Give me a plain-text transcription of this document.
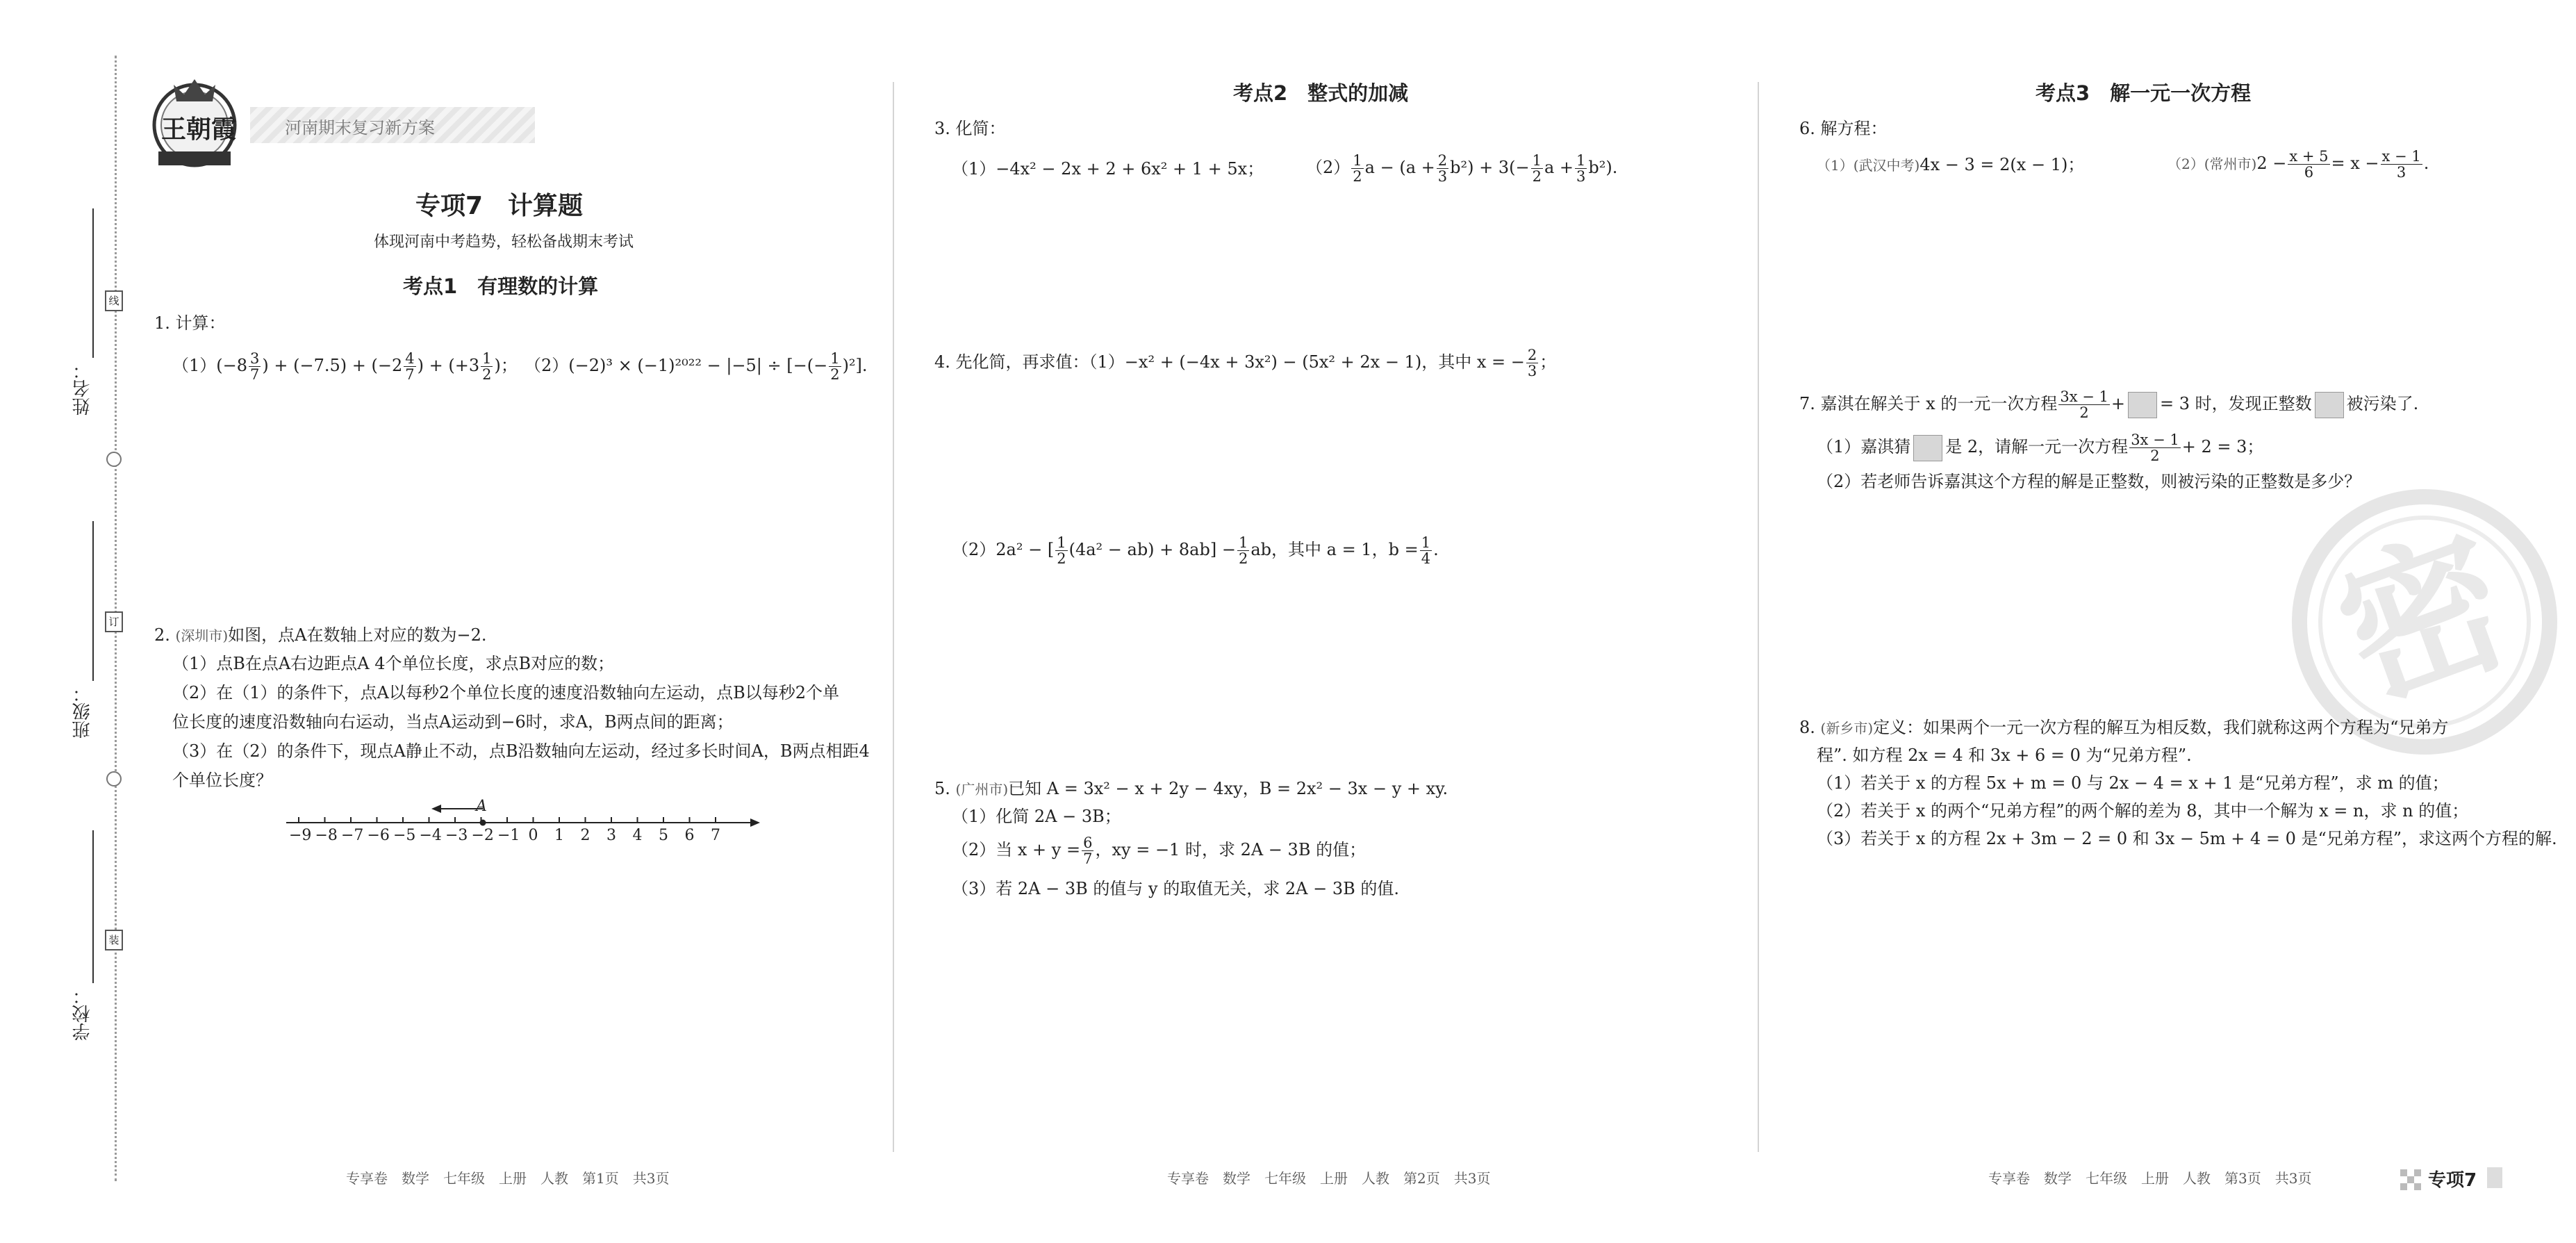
姓名：
班级：
学校：
线
订
装
王朝霞	河南期末复习新方案
专项7　计算题
体现河南中考趋势，轻松备战期末考试
考点1　有理数的计算
1. 计算：
$(1)(-8 \frac{3}{7}$ ) + $(-7.5) + (-2 \frac{4}{7}$ ) + ($+3 \frac{1}{2}$ )； （2）(−2)³ × (−1)²⁰²² − |−5| ÷ [−(− $\frac{1}{2} )^2$].
2. (深圳市)如图，点A在数轴上对应的数为−2.
（1）点B在点A右边距点A 4个单位长度，求点B对应的数；
（2）在（1）的条件下，点A以每秒2个单位长度的速度沿数轴向左运动，点B以每秒2个单
位长度的速度沿数轴向右运动，当点A运动到−6时，求A，B两点间的距离；
（3）在（2）的条件下，现点A静止不动，点B沿数轴向左运动，经过多长时间A，B两点相距4
个单位长度？
A
−9 −8 −7 −6 −5 −4 −3 −2 −1 0	1	2	3	4	5	6	7
考点2　整式的加减
3. 化简：
（1）−4x² − 2x + 2 + 6x² + 1 + 5x；	$(2) \frac{1}{2}$ $a - (a + \frac{2}{3} b^2) + 3(- \frac{1}{2}$ $a + \frac{1}{3} b^2$).
4. 先化简，再求值：（1）−x² + (−4x + 3x²) − (5x² + 2x − 1)，其中 x = − $\frac{2}{3}$ ；
（2）2a² − [ $\frac{1}{2} (4a^2 - ab) + 8ab] - \frac{1}{2}$ ab，其中 a = 1，$b = \frac{1}{4}$ .
5. (广州市)已知 A = 3x² − x + 2y − 4xy，B = 2x² − 3x − y + xy.
（1）化简 2A − 3B；
（2）当 $x + y = \frac{6}{7}$ ，xy = −1 时，求 2A − 3B 的值；
（3）若 2A − 3B 的值与 y 的取值无关，求 2A − 3B 的值.
考点3　解一元一次方程
6. 解方程：
（1）(武汉中考)4x − 3 = 2(x − 1)；	（2）(常州市)$2 - \frac{x + 5}{6} = x - \frac{x - 1}{3}$ .
7. 嘉淇在解关于 x 的一元一次方程 $\frac{3x - 1}{2}$ + = 3 时，发现正整数 被污染了.
（1）嘉淇猜 是 2，请解一元一次方程 $\frac{3x - 1}{2} + 2 = 3$；
（2）若老师告诉嘉淇这个方程的解是正整数，则被污染的正整数是多少？
密
8. (新乡市)定义：如果两个一元一次方程的解互为相反数，我们就称这两个方程为“兄弟方
程”. 如方程 2x = 4 和 3x + 6 = 0 为“兄弟方程”.
（1）若关于 x 的方程 5x + m = 0 与 2x − 4 = x + 1 是“兄弟方程”，求 m 的值；
（2）若关于 x 的两个“兄弟方程”的两个解的差为 8，其中一个解为 x = n，求 n 的值；
（3）若关于 x 的方程 2x + 3m − 2 = 0 和 3x − 5m + 4 = 0 是“兄弟方程”，求这两个方程的解.
专享卷　数学　七年级　上册　人教　第1页　共3页	专享卷　数学　七年级　上册　人教　第2页　共3页	专享卷　数学　七年级　上册　人教　第3页　共3页	专项7
